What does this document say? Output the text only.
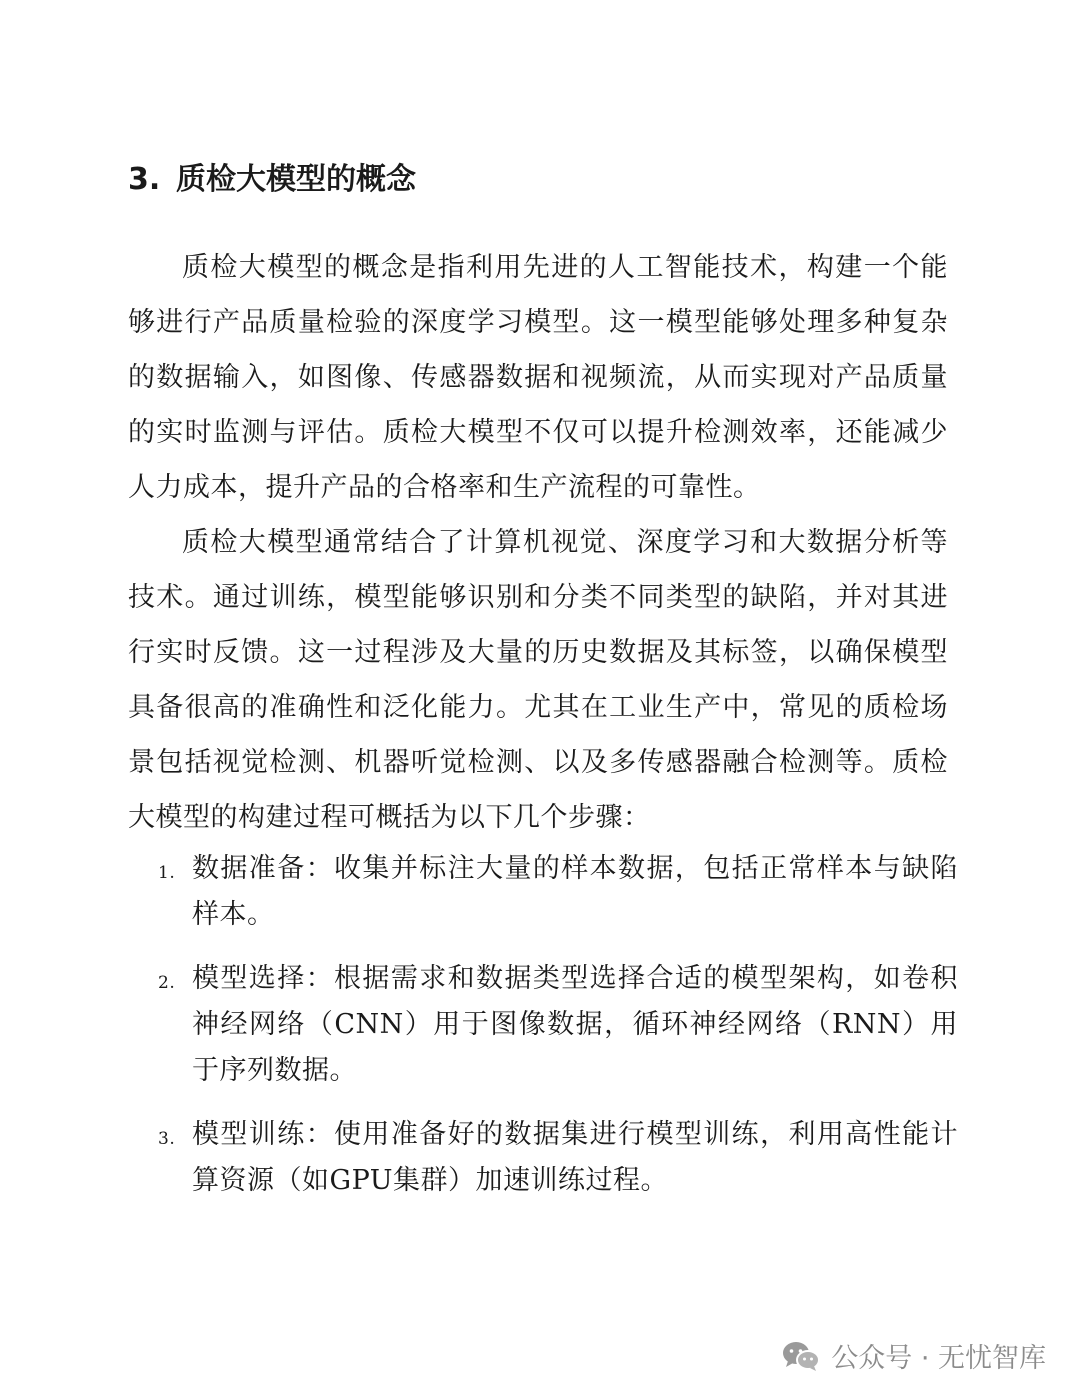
3. 质检大模型的概念

质检大模型的概念是指利用先进的人工智能技术，构建一个能够进行产品质量检验的深度学习模型。这一模型能够处理多种复杂的数据输入，如图像、传感器数据和视频流，从而实现对产品质量的实时监测与评估。质检大模型不仅可以提升检测效率，还能减少人力成本，提升产品的合格率和生产流程的可靠性。

质检大模型通常结合了计算机视觉、深度学习和大数据分析等技术。通过训练，模型能够识别和分类不同类型的缺陷，并对其进行实时反馈。这一过程涉及大量的历史数据及其标签，以确保模型具备很高的准确性和泛化能力。尤其在工业生产中，常见的质检场景包括视觉检测、机器听觉检测、以及多传感器融合检测等。质检大模型的构建过程可概括为以下几个步骤：

1. 数据准备：收集并标注大量的样本数据，包括正常样本与缺陷样本。
2. 模型选择：根据需求和数据类型选择合适的模型架构，如卷积神经网络（CNN）用于图像数据，循环神经网络（RNN）用于序列数据。
3. 模型训练：使用准备好的数据集进行模型训练，利用高性能计算资源（如GPU集群）加速训练过程。
公众号 · 无忧智库
